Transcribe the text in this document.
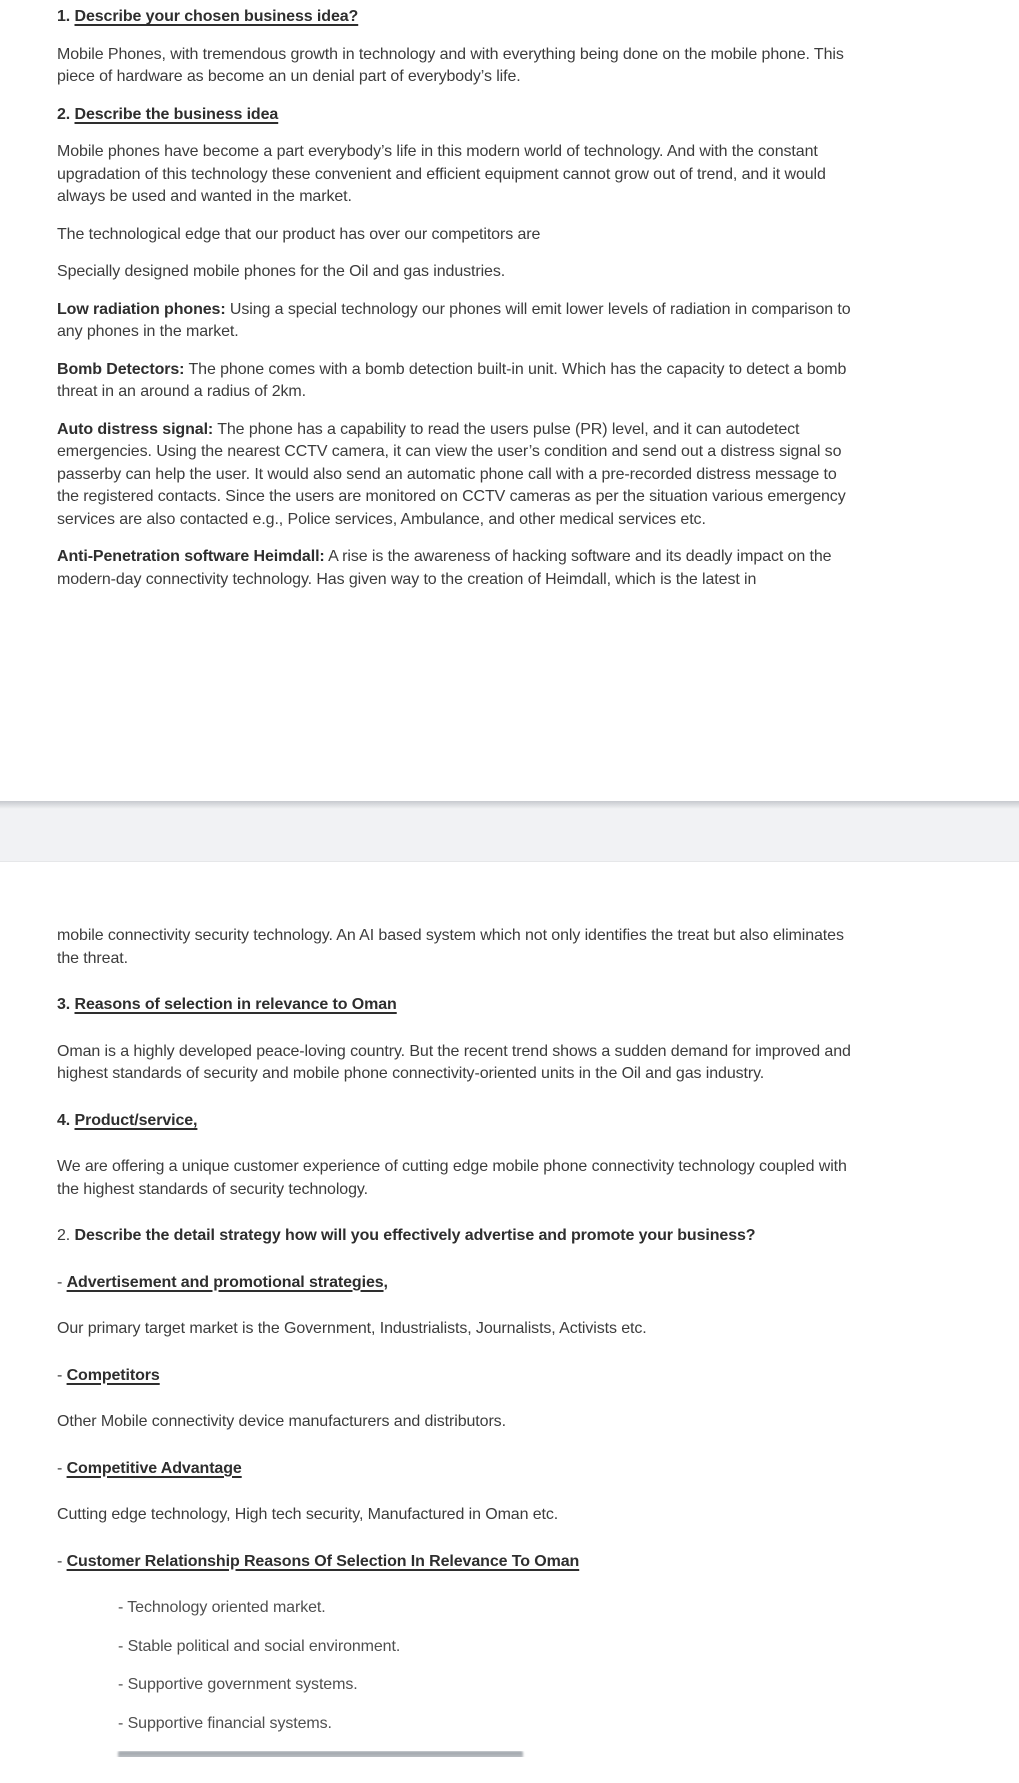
1. Describe your chosen business idea?

Mobile Phones, with tremendous growth in technology and with everything being done on the mobile phone. This piece of hardware as become an un denial part of everybody’s life.

2. Describe the business idea

Mobile phones have become a part everybody’s life in this modern world of technology. And with the constant upgradation of this technology these convenient and efficient equipment cannot grow out of trend, and it would always be used and wanted in the market.

The technological edge that our product has over our competitors are

Specially designed mobile phones for the Oil and gas industries.

Low radiation phones: Using a special technology our phones will emit lower levels of radiation in comparison to any phones in the market.

Bomb Detectors: The phone comes with a bomb detection built-in unit. Which has the capacity to detect a bomb threat in an around a radius of 2km.

Auto distress signal: The phone has a capability to read the users pulse (PR) level, and it can autodetect emergencies. Using the nearest CCTV camera, it can view the user’s condition and send out a distress signal so passerby can help the user. It would also send an automatic phone call with a pre-recorded distress message to the registered contacts. Since the users are monitored on CCTV cameras as per the situation various emergency services are also contacted e.g., Police services, Ambulance, and other medical services etc.

Anti-Penetration software Heimdall: A rise is the awareness of hacking software and its deadly impact on the modern-day connectivity technology. Has given way to the creation of Heimdall, which is the latest in

mobile connectivity security technology. An AI based system which not only identifies the treat but also eliminates the threat.

3. Reasons of selection in relevance to Oman

Oman is a highly developed peace-loving country. But the recent trend shows a sudden demand for improved and highest standards of security and mobile phone connectivity-oriented units in the Oil and gas industry.

4. Product/service,

We are offering a unique customer experience of cutting edge mobile phone connectivity technology coupled with the highest standards of security technology.

2. Describe the detail strategy how will you effectively advertise and promote your business?

- Advertisement and promotional strategies,

Our primary target market is the Government, Industrialists, Journalists, Activists etc.

- Competitors

Other Mobile connectivity device manufacturers and distributors.

- Competitive Advantage

Cutting edge technology, High tech security, Manufactured in Oman etc.

- Customer Relationship Reasons Of Selection In Relevance To Oman

- Technology oriented market.

- Stable political and social environment.

- Supportive government systems.

- Supportive financial systems.
